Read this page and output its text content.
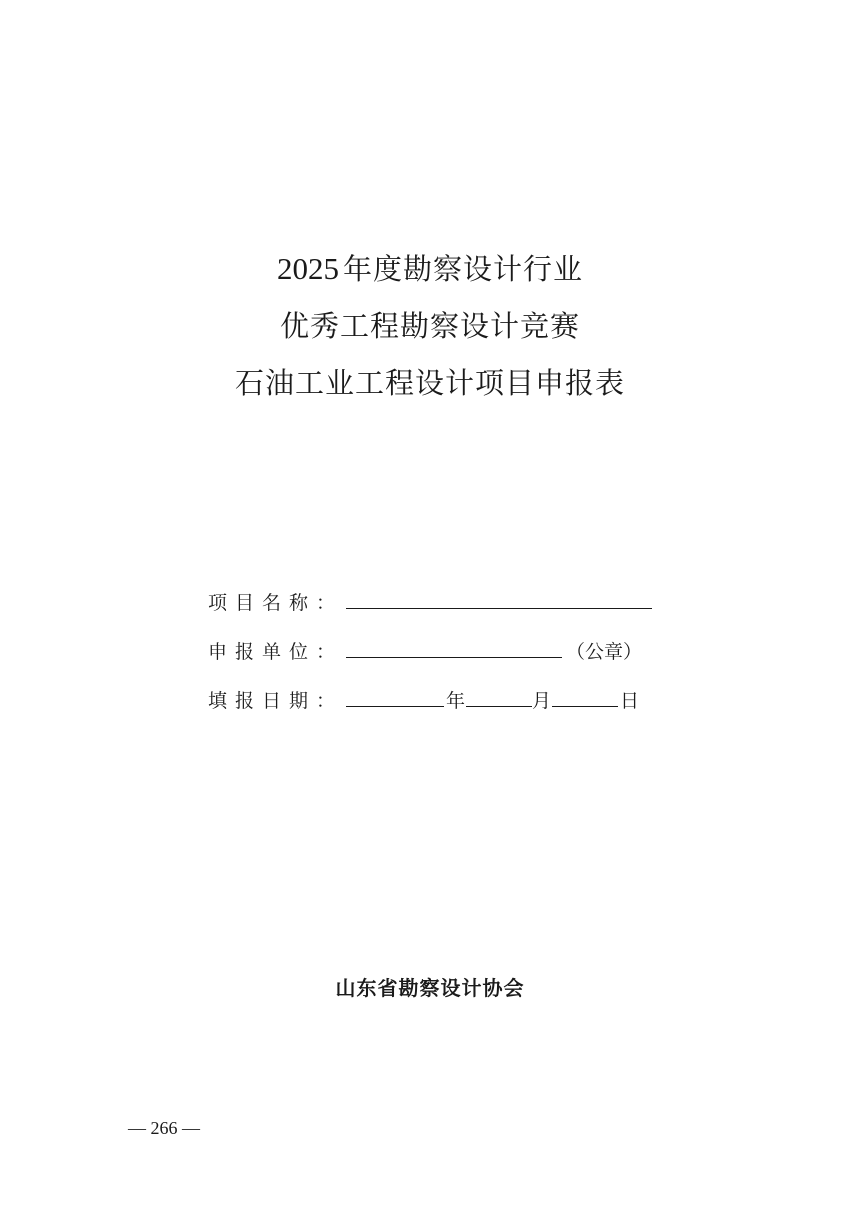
2025 年度勘察设计行业
优秀工程勘察设计竞赛
石油工业工程设计项目申报表
项目名称：
申报单位：	（公章）
填报日期：	年	月	日
山东省勘察设计协会
— 266 —
